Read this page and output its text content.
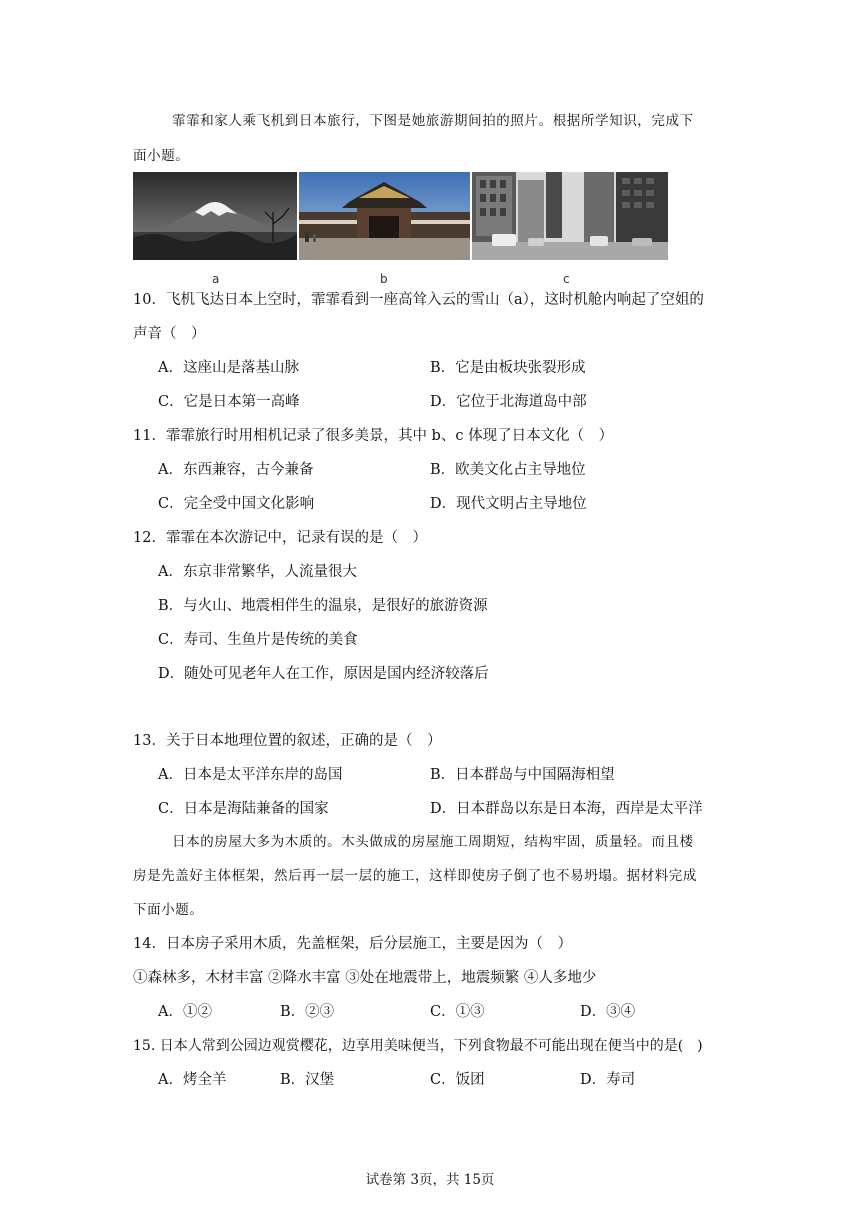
霏霏和家人乘飞机到日本旅行，下图是她旅游期间拍的照片。根据所学知识，完成下
面小题。
a	b	c
10．飞机飞达日本上空时，霏霏看到一座高耸入云的雪山（a），这时机舱内响起了空姐的
声音（　）
A．这座山是落基山脉	B．它是由板块张裂形成
C．它是日本第一高峰	D．它位于北海道岛中部
11．霏霏旅行时用相机记录了很多美景，其中 b、c 体现了日本文化（　）
A．东西兼容，古今兼备	B．欧美文化占主导地位
C．完全受中国文化影响	D．现代文明占主导地位
12．霏霏在本次游记中，记录有误的是（　）
A．东京非常繁华，人流量很大
B．与火山、地震相伴生的温泉，是很好的旅游资源
C．寿司、生鱼片是传统的美食
D．随处可见老年人在工作，原因是国内经济较落后
13．关于日本地理位置的叙述，正确的是（　）
A．日本是太平洋东岸的岛国	B．日本群岛与中国隔海相望
C．日本是海陆兼备的国家	D．日本群岛以东是日本海，西岸是太平洋
日本的房屋大多为木质的。木头做成的房屋施工周期短，结构牢固，质量轻。而且楼
房是先盖好主体框架，然后再一层一层的施工，这样即使房子倒了也不易坍塌。据材料完成
下面小题。
14．日本房子采用木质，先盖框架，后分层施工，主要是因为（　）
①森林多，木材丰富 ②降水丰富 ③处在地震带上，地震频繁 ④人多地少
A．①②	B．②③	C．①③	D．③④
15. 日本人常到公园边观赏樱花，边享用美味便当，下列食物最不可能出现在便当中的是(　)
A．烤全羊	B．汉堡	C．饭团	D．寿司
试卷第 3页，共 15页
